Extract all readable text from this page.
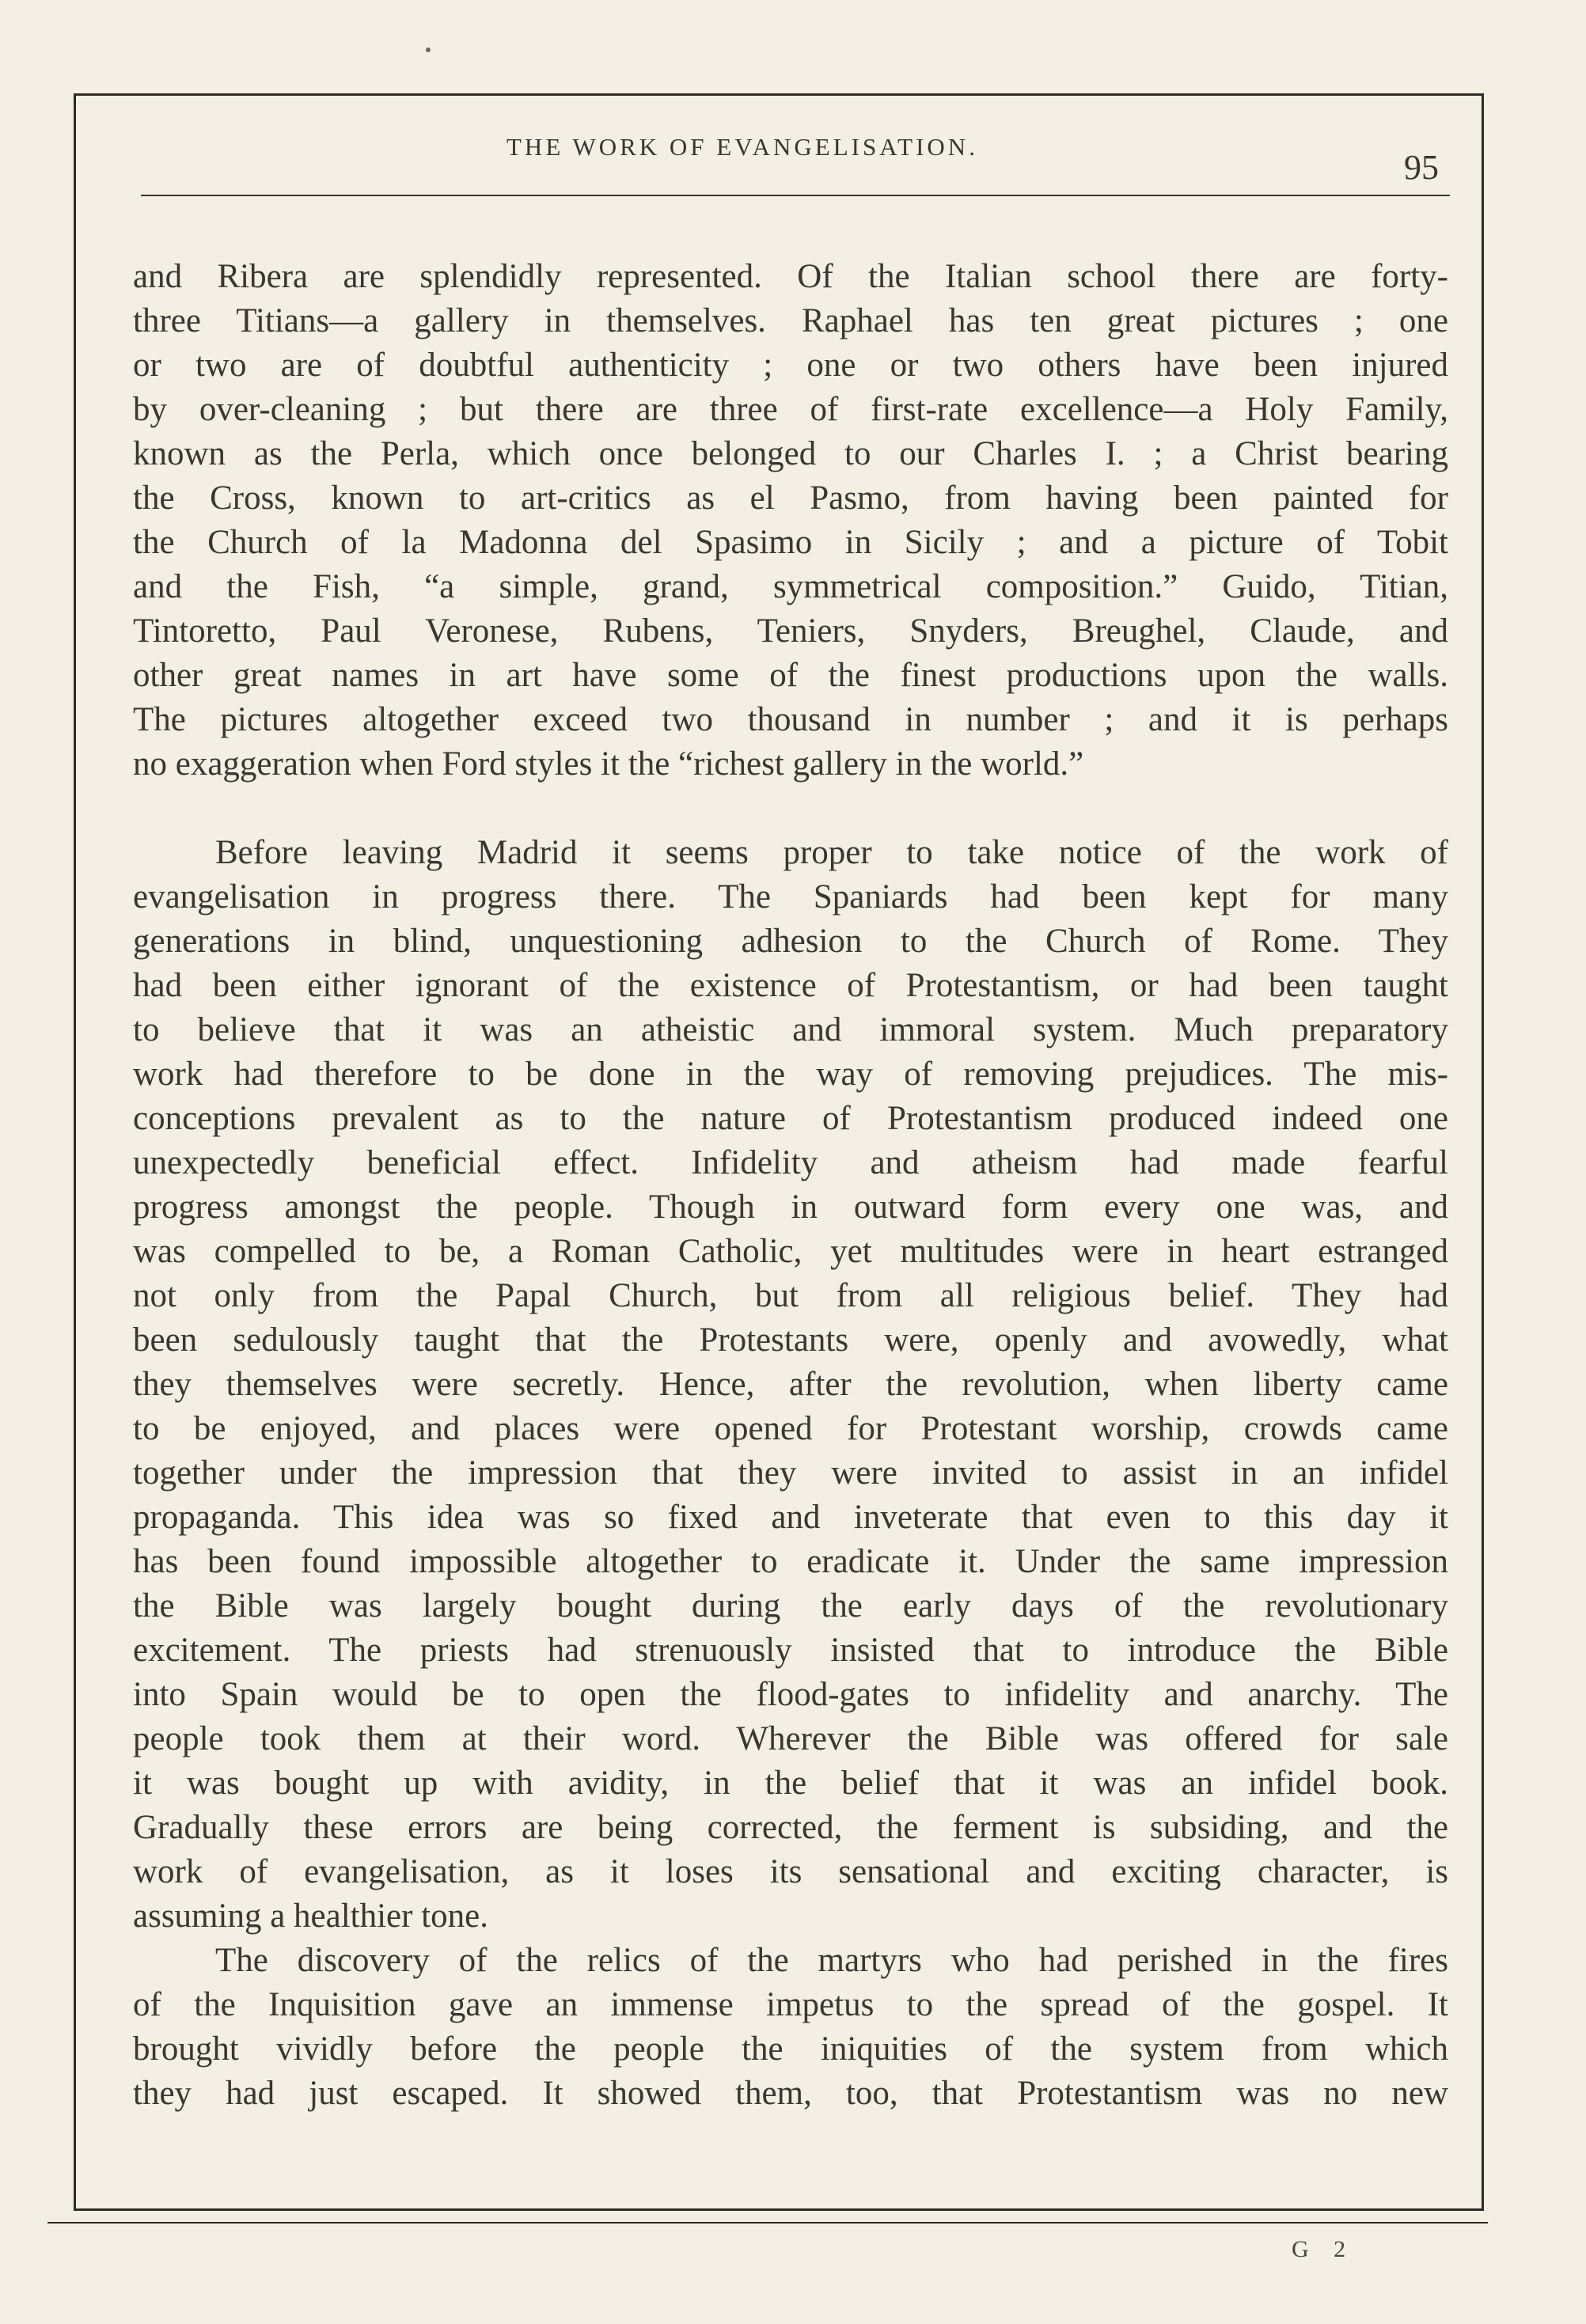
THE WORK OF EVANGELISATION.
95

and Ribera are splendidly represented. Of the Italian school there are forty-
three Titians—a gallery in themselves. Raphael has ten great pictures ; one
or two are of doubtful authenticity ; one or two others have been injured
by over-cleaning ; but there are three of first-rate excellence—a Holy Family,
known as the Perla, which once belonged to our Charles I. ; a Christ bearing
the Cross, known to art-critics as el Pasmo, from having been painted for
the Church of la Madonna del Spasimo in Sicily ; and a picture of Tobit
and the Fish, “a simple, grand, symmetrical composition.” Guido, Titian,
Tintoretto, Paul Veronese, Rubens, Teniers, Snyders, Breughel, Claude, and
other great names in art have some of the finest productions upon the walls.
The pictures altogether exceed two thousand in number ; and it is perhaps
no exaggeration when Ford styles it the “richest gallery in the world.”

Before leaving Madrid it seems proper to take notice of the work of
evangelisation in progress there. The Spaniards had been kept for many
generations in blind, unquestioning adhesion to the Church of Rome. They
had been either ignorant of the existence of Protestantism, or had been taught
to believe that it was an atheistic and immoral system. Much preparatory
work had therefore to be done in the way of removing prejudices. The mis-
conceptions prevalent as to the nature of Protestantism produced indeed one
unexpectedly beneficial effect. Infidelity and atheism had made fearful
progress amongst the people. Though in outward form every one was, and
was compelled to be, a Roman Catholic, yet multitudes were in heart estranged
not only from the Papal Church, but from all religious belief. They had
been sedulously taught that the Protestants were, openly and avowedly, what
they themselves were secretly. Hence, after the revolution, when liberty came
to be enjoyed, and places were opened for Protestant worship, crowds came
together under the impression that they were invited to assist in an infidel
propaganda. This idea was so fixed and inveterate that even to this day it
has been found impossible altogether to eradicate it. Under the same impression
the Bible was largely bought during the early days of the revolutionary
excitement. The priests had strenuously insisted that to introduce the Bible
into Spain would be to open the flood-gates to infidelity and anarchy. The
people took them at their word. Wherever the Bible was offered for sale
it was bought up with avidity, in the belief that it was an infidel book.
Gradually these errors are being corrected, the ferment is subsiding, and the
work of evangelisation, as it loses its sensational and exciting character, is
assuming a healthier tone.

The discovery of the relics of the martyrs who had perished in the fires
of the Inquisition gave an immense impetus to the spread of the gospel. It
brought vividly before the people the iniquities of the system from which
they had just escaped. It showed them, too, that Protestantism was no new

G 2
